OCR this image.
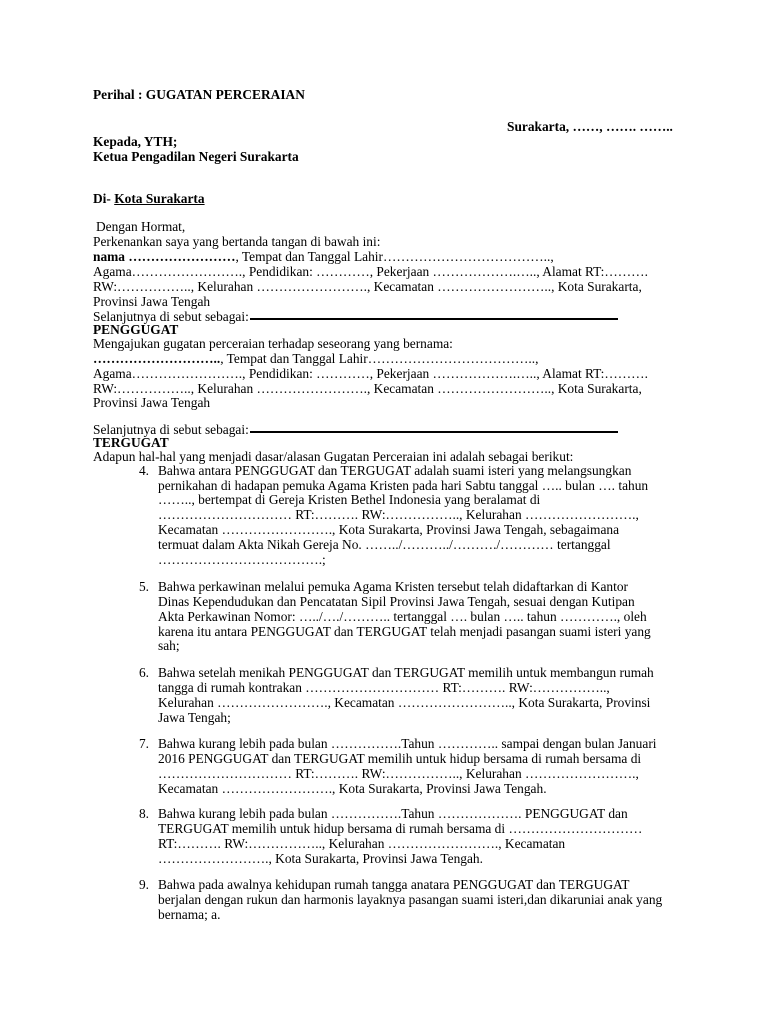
Perihal : GUGATAN PERCERAIAN
Surakarta, ……, ……. ……..
Kepada, YTH;
Ketua Pengadilan Negeri Surakarta
Di- Kota Surakarta
Dengan Hormat,
Perkenankan saya yang bertanda tangan di bawah ini:
nama ……………………, Tempat dan Tanggal Lahir………………………………..,
Agama……………………., Pendidikan: …………, Pekerjaan ……………….….., Alamat RT:……….
RW:…………….., Kelurahan ……………………., Kecamatan …………………….., Kota Surakarta,
Provinsi Jawa Tengah
Selanjutnya di sebut sebagai:
PENGGUGAT
Mengajukan gugatan perceraian terhadap seseorang yang bernama:
……………………….., Tempat dan Tanggal Lahir………………………………..,
Agama……………………., Pendidikan: …………, Pekerjaan ……………….….., Alamat RT:……….
RW:…………….., Kelurahan ……………………., Kecamatan …………………….., Kota Surakarta,
Provinsi Jawa Tengah
Selanjutnya di sebut sebagai:
TERGUGAT
Adapun hal-hal yang menjadi dasar/alasan Gugatan Perceraian ini adalah sebagai berikut:
4. Bahwa antara PENGGUGAT dan TERGUGAT adalah suami isteri yang melangsungkan
pernikahan di hadapan pemuka Agama Kristen pada hari Sabtu tanggal ….. bulan …. tahun
…….., bertempat di Gereja Kristen Bethel Indonesia yang beralamat di
………………………… RT:………. RW:…………….., Kelurahan …………………….,
Kecamatan ……………………., Kota Surakarta, Provinsi Jawa Tengah, sebagaimana
termuat dalam Akta Nikah Gereja No. ……../………../………./………… tertanggal
……………………………….;
5. Bahwa perkawinan melalui pemuka Agama Kristen tersebut telah didaftarkan di Kantor
Dinas Kependudukan dan Pencatatan Sipil Provinsi Jawa Tengah, sesuai dengan Kutipan
Akta Perkawinan Nomor: …../…./……….. tertanggal …. bulan ….. tahun …………., oleh
karena itu antara PENGGUGAT dan TERGUGAT telah menjadi pasangan suami isteri yang
sah;
6. Bahwa setelah menikah PENGGUGAT dan TERGUGAT memilih untuk membangun rumah
tangga di rumah kontrakan ………………………… RT:………. RW:……………..,
Kelurahan ……………………., Kecamatan …………………….., Kota Surakarta, Provinsi
Jawa Tengah;
7. Bahwa kurang lebih pada bulan …………….Tahun ………….. sampai dengan bulan Januari
2016 PENGGUGAT dan TERGUGAT memilih untuk hidup bersama di rumah bersama di
………………………… RT:………. RW:…………….., Kelurahan …………………….,
Kecamatan ……………………., Kota Surakarta, Provinsi Jawa Tengah.
8. Bahwa kurang lebih pada bulan …………….Tahun ………………. PENGGUGAT dan
TERGUGAT memilih untuk hidup bersama di rumah bersama di …………………………
RT:………. RW:…………….., Kelurahan ……………………., Kecamatan
……………………., Kota Surakarta, Provinsi Jawa Tengah.
9. Bahwa pada awalnya kehidupan rumah tangga anatara PENGGUGAT dan TERGUGAT
berjalan dengan rukun dan harmonis layaknya pasangan suami isteri,dan dikaruniai anak yang
bernama; a.
